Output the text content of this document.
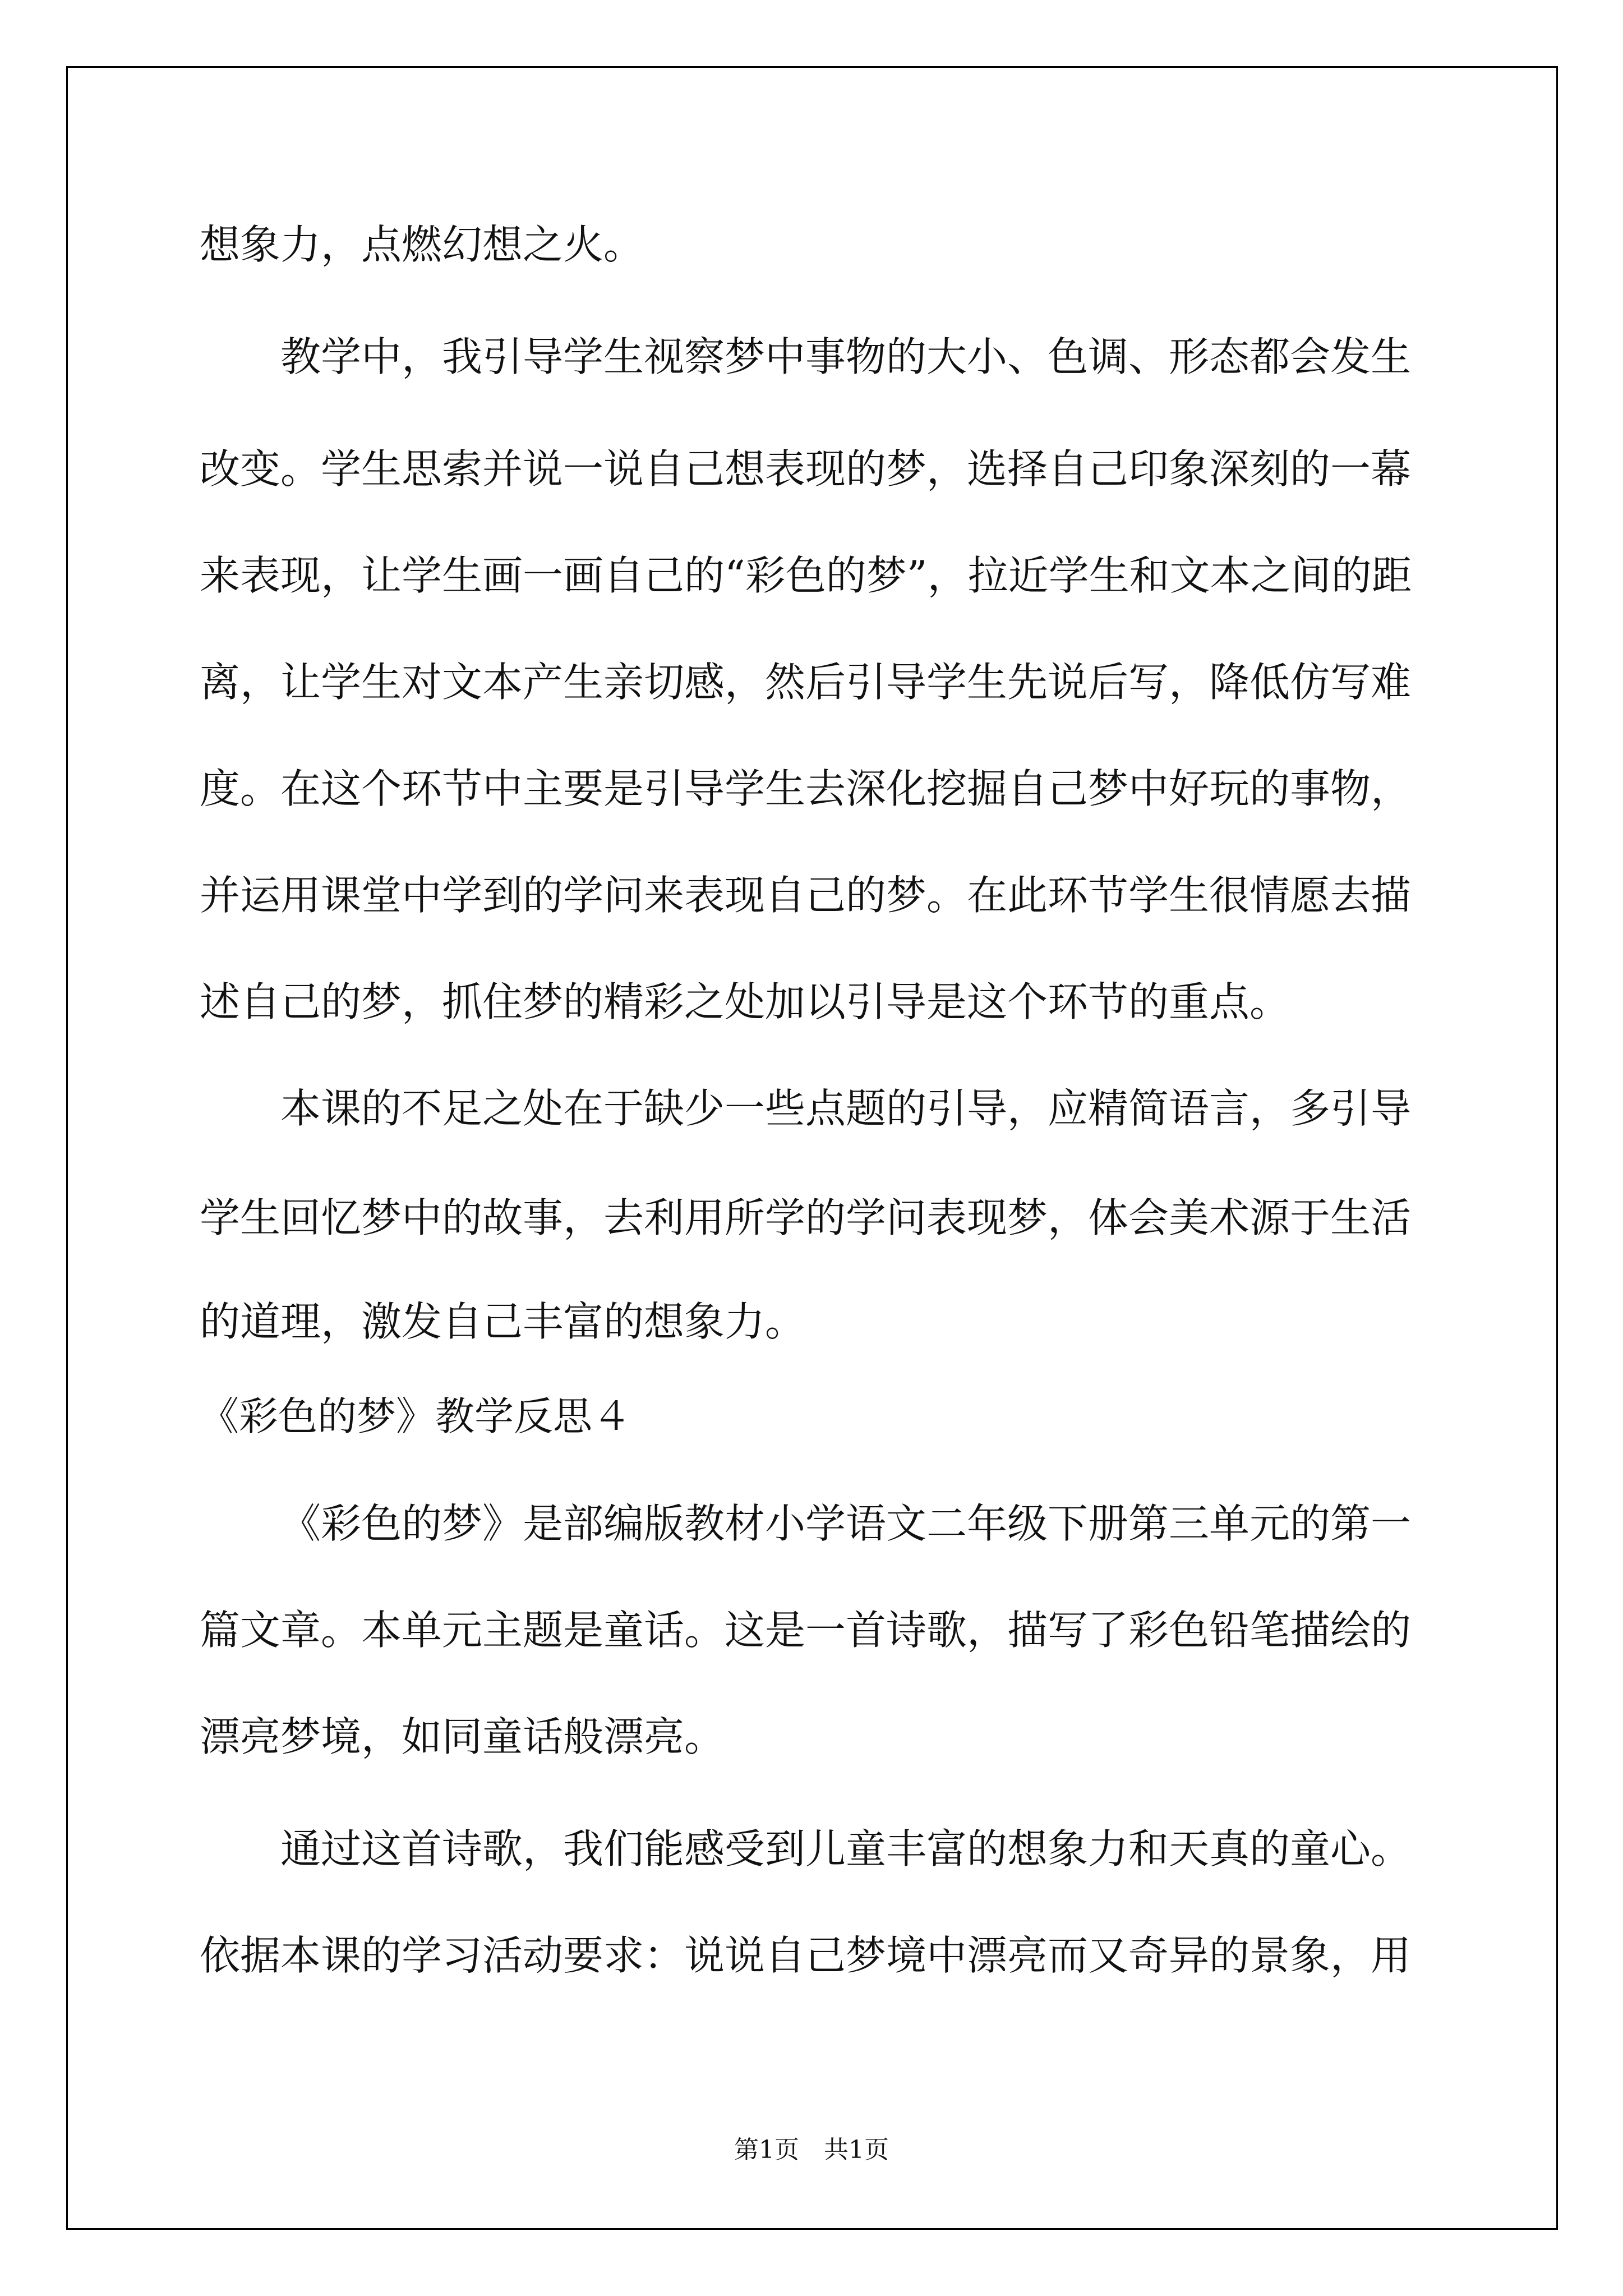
想象力，点燃幻想之火。

教学中，我引导学生视察梦中事物的大小、色调、形态都会发生

改变。学生思索并说一说自己想表现的梦，选择自己印象深刻的一幕

来表现，让学生画一画自己的“彩色的梦”，拉近学生和文本之间的距

离，让学生对文本产生亲切感，然后引导学生先说后写，降低仿写难

度。在这个环节中主要是引导学生去深化挖掘自己梦中好玩的事物，

并运用课堂中学到的学问来表现自己的梦。在此环节学生很情愿去描

述自己的梦，抓住梦的精彩之处加以引导是这个环节的重点。

本课的不足之处在于缺少一些点题的引导，应精简语言，多引导

学生回忆梦中的故事，去利用所学的学问表现梦，体会美术源于生活

的道理，激发自己丰富的想象力。

《彩色的梦》教学反思４

《彩色的梦》是部编版教材小学语文二年级下册第三单元的第一

篇文章。本单元主题是童话。这是一首诗歌，描写了彩色铅笔描绘的

漂亮梦境，如同童话般漂亮。

通过这首诗歌，我们能感受到儿童丰富的想象力和天真的童心。

依据本课的学习活动要求：说说自己梦境中漂亮而又奇异的景象，用

第1页　共1页
